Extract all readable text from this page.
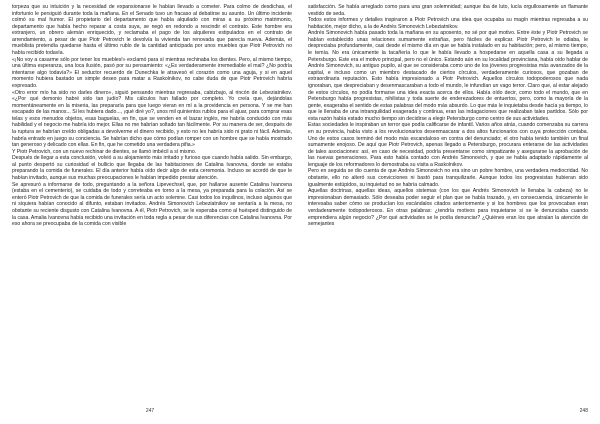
torpeza que su intuición y la necesidad de expansionarse le habían llevado a cometer. Para colmo de desdichas, el infortunio le persiguió durante toda la mañana. En el Senado tuvo un fracaso al debatirse su asunto. Un último incidente colmó su mal humor. El propietario del departamento que había alquilado con miras a su próximo matrimonio, departamento que había hecho reparar a costa suya, se negó en redondo a rescindir el contrato. Este hombre era extranjero, un obrero alemán enriquecido, y reclamaba el pago de los alquileres estipulados en el contrato de arrendamiento, a pesar de que Piotr Petrovich le devolvía la vivienda tan renovada que parecía nueva. Además, el mueblista pretendía quedarse hasta el último rublo de la cantidad anticipada por unos muebles que Piotr Petrovich no había recibido todavía.

«¡No voy a casarme sólo por tener los muebles!» exclamó para sí mientras rechinaba los dientes. Pero, al mismo tiempo, una última esperanza, una loca ilusión, pasó por su pensamiento: «¿Es verdaderamente irremediable el mal? ¿No podría intentarse algo todavía?» El seductor recuerdo de Dunechka le atravesó el corazón como una aguja, y si en aquel momento hubiera bastado un simple deseo para matar a Raskolnikov, no cabe duda de que Piotr Petrovich habría expresado.

«Otro error mío ha sido no darles dinero», siguió pensando mientras regresaba, cabizbajo, al rincón de Lebeziatnikov. «¿Por qué demonio habré sido tan judío? Mis cálculos han fallado por completo. Yo creía que, dejándolas momentáneamente en la miseria, las prepararía para que luego vieran en mí a la providencia en persona. Y se me han escapado de las manos... Si les hubiera dado..., ¡qué diré yo?, unos mil quinientos rublos para el ajuar, para comprar esas telas y esos menudos objetos, esas baguelas, en fin, que se venden en el bazar inglés, me habría conducido con más habilidad y el negocio me habría ido mejor. Ellas no me habrían soltado tan fácilmente. Por su manera de ser, después de la ruptura se habrían creído obligadas a devolverme el dinero recibido, y esto no les habría sido ni grato ni fácil. Además, habría entrado en juego su conciencia. Se habrían dicho que cómo podían romper con un hombre que se había mostrado tan generoso y delicado con ellas. En fin, que he cometido una verdadera pifia.»

Y Piotr Petrovich, con un nuevo rechinar de dientes, se llamó imbécil a sí mismo.

Después de llegar a esta conclusión, volvió a su alojamiento más irritado y furioso que cuando había salido. Sin embargo, al punto despertó su curiosidad el bullicio que llegaba de las habitaciones de Catalina Ivanovna, donde se estaba preparando la comida de funerales. El día anterior había oído decir algo de esta ceremonia. Incluso se acordó de que le habían invitado, aunque sus muchas preocupaciones le habían impedido prestar atención.

Se apresuró a informarse de todo, preguntando a la señora Lipevechsel, que, por hallarse ausente Catalina Ivanovna (estaba en el cementerio), se cuidaba de todo y correteaba en torno a la mesa, ya preparada para la colación. Así se enteró Piotr Petrovich de que la comida de funerales sería un acto solemne. Casi todos los inquilinos, incluso algunos que ni siquiera habían conocido al difunto, estaban invitados. Andrés Simonovich Lebeziatnikov se sentaría a la mesa, no obstante su reciente disgusto con Catalina Ivanovna. A él, Piotr Petrovich, se le esperaba como al huésped distinguido de la casa. Amalia Ivanovna había recibido una invitación en toda regla a pesar de sus diferencias con Catalina Ivanovna. Por eso ahora se preocupaba de la comida con visible

247

satisfacción. Se había arreglado como para una gran solemnidad; aunque iba de luto, lucía orgullosamente un flamante vestido de seda.

Todos estos informes y detalles inspiraron a Piotr Petrovich una idea que ocupaba su magín mientras regresaba a su habitación, mejor dicho, a la de Andrés Simonovich Lebeziatnikov.

Andrés Simonovich había pasado toda la mañana en su aposento, no sé por qué motivo. Entre éste y Piotr Petrovich se habían establecido unas relaciones sumamente extrañas, pero fáciles de explicar. Piotr Petrovich le odiaba, le despreciaba profundamente, casi desde el mismo día en que se había instalado en su habitación; pero, al mismo tiempo, le temía. No era únicamente la tacañería lo que le había llevado a hospedarse en aquella casa a su llegada a Petersburgo. Este era el motivo principal, pero no el único. Estando aún en su localidad provinciana, había oído hablar de Andrés Simonovich, su antiguo pupilo, al que se consideraba como uno de los jóvenes progresistas más avanzados de la capital, e incluso como un miembro destacado de ciertos círculos, verdaderamente curiosos, que gozaban de extraordinaria reputación. Esto había impresionado a Piotr Petrovich. Aquellos círculos todopoderosos que nada ignoraban, que despreciaban y desenmascaraban a todo el mundo, le infundían un vago terror. Claro que, al estar alejado de estos círculos, no podía formarse una idea exacta acerca de ellos. Había oído decir, como todo el mundo, que en Petersburgo había progresistas, nihilistas y toda suerte de enderezadores de entuertos, pero, como la mayoría de la gente, exageraba el sentido de estas palabras del modo más absurdo. Lo que más le inquietaba desde hacía ya tiempo, lo que le llenaba de una intranquilidad exagerada y continua, eran las indagaciones que realizaban tales partidos. Sólo por esta razón había estado mucho tiempo sin decidirse a elegir Petersburgo como centro de sus actividades.

Estas sociedades le inspiraban un terror que podía calificarse de infantil. Varios años atrás, cuando comenzaba su carrera en su provincia, había visto a los revolucionarios desenmascarar a dos altos funcionarios con cuya protección contaba. Uno de estos casos terminó del modo más escandaloso en contra del denunciado; el otro había tenido también un final sumamente enojoso. De aquí que Piotr Petrovich, apenas llegado a Petersburgo, procurara enterarse de las actividades de tales asociaciones: así, en caso de necesidad, podría presentarse como simpatizante y asegurarse la aprobación de las nuevas generaciones. Para esto había contado con Andrés Simonovich, y que se había adaptado rápidamente al lenguaje de los reformadores lo demostraba su visita a Raskolnikov.

Pero en seguida se dio cuenta de que Andrés Simonovich no era sino un pobre hombre, una verdadera mediocridad. No obstante, ello no alteró sus convicciones ni bastó para tranquilizarle. Aunque todos los progresistas hubieran sido igualmente estúpidos, su inquietud no se habría calmado.

Aquellas doctrinas, aquellas ideas, aquellos sistemas (con los que Andrés Simonovich le llenaba la cabeza) no le impresionaban demasiado. Sólo deseaba poder seguir el plan que se había trazado, y, en consecuencia, únicamente le interesaba saber cómo se producían los escándalos citados anteriormente y si los hombres que los provocaban eran verdaderamente todopoderosos. En otras palabras: ¿tendría motivos para inquietarse si se le denunciaba cuando emprendiera algún negocio? ¿Por qué actividades se le podía denunciar? ¿Quiénes eran los que atraían la atención de semejantes

248
